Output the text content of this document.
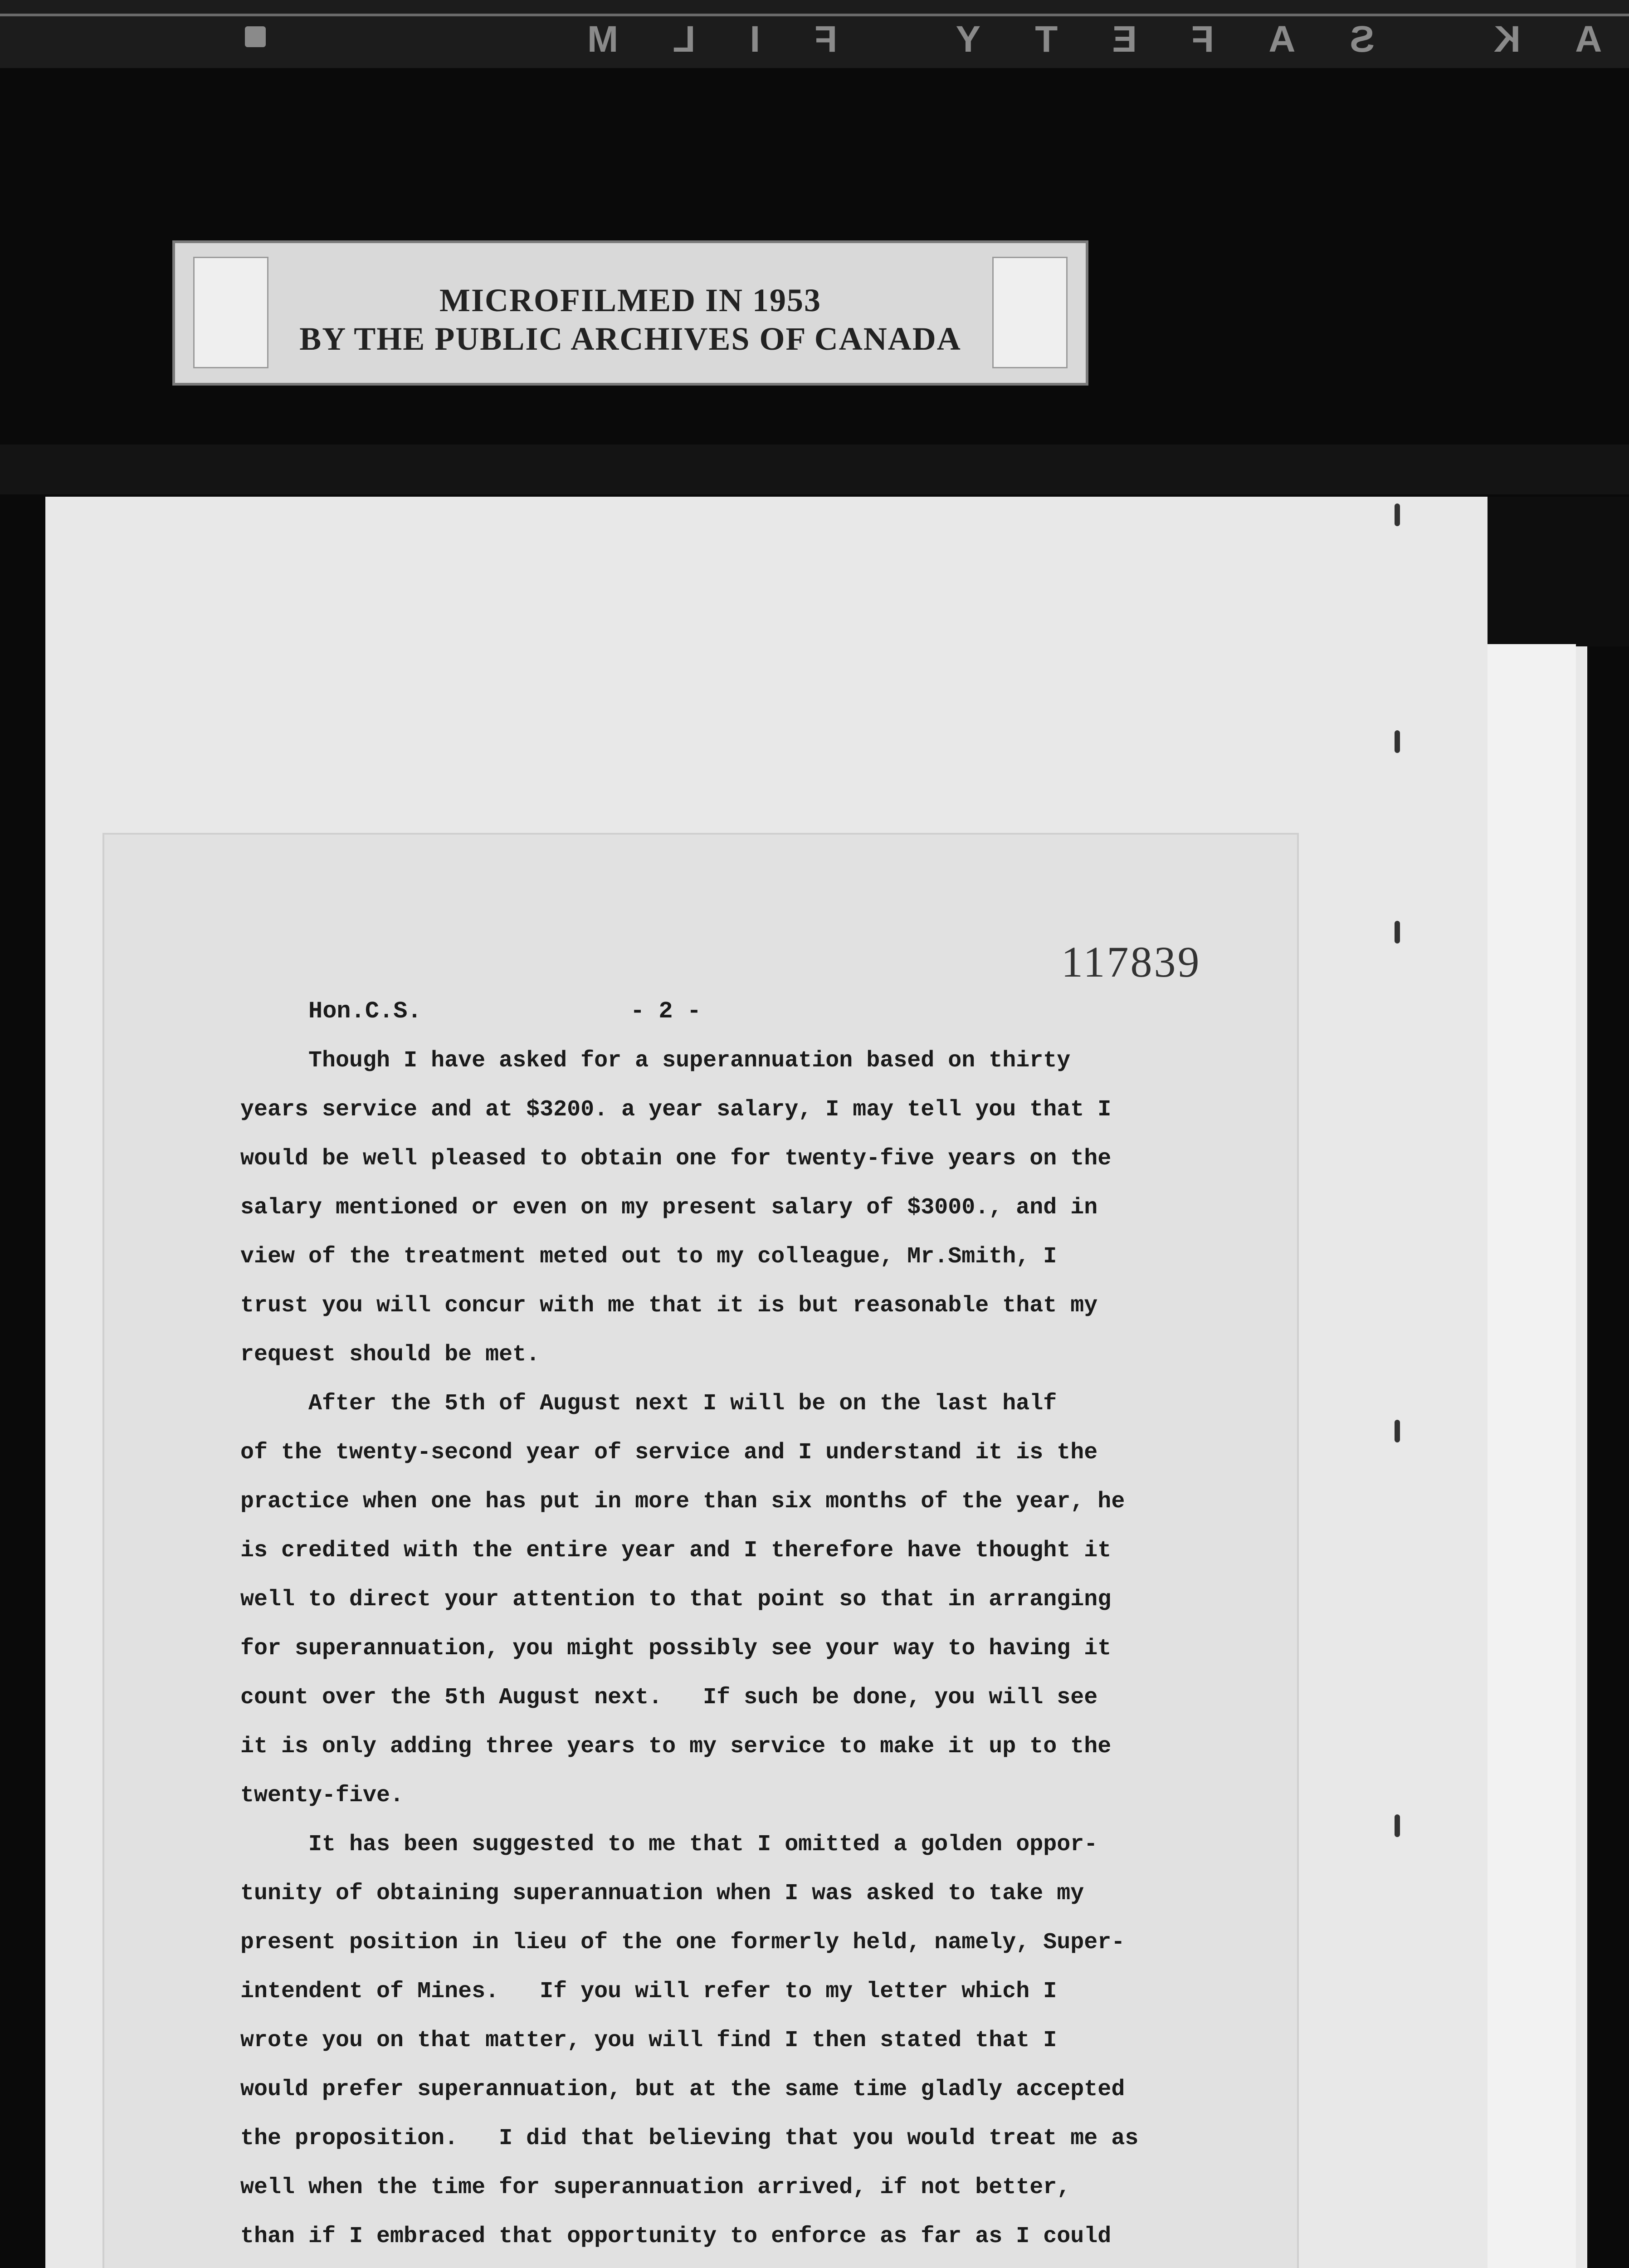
AK SAFETY FILM
MICROFILMED IN 1953
BY THE PUBLIC ARCHIVES OF CANADA
117839
Hon.C.S.	- 2 -
Though I have asked for a superannuation based on thirty
years service and at $3200. a year salary, I may tell you that I
would be well pleased to obtain one for twenty-five years on the
salary mentioned or even on my present salary of $3000., and in
view of the treatment meted out to my colleague, Mr.Smith, I
trust you will concur with me that it is but reasonable that my
request should be met.
After the 5th of August next I will be on the last half
of the twenty-second year of service and I understand it is the
practice when one has put in more than six months of the year, he
is credited with the entire year and I therefore have thought it
well to direct your attention to that point so that in arranging
for superannuation, you might possibly see your way to having it
count over the 5th August next.   If such be done, you will see
it is only adding three years to my service to make it up to the
twenty-five.
It has been suggested to me that I omitted a golden oppor-
tunity of obtaining superannuation when I was asked to take my
present position in lieu of the one formerly held, namely, Super-
intendent of Mines.   If you will refer to my letter which I
wrote you on that matter, you will find I then stated that I
would prefer superannuation, but at the same time gladly accepted
the proposition.   I did that believing that you would treat me as
well when the time for superannuation arrived, if not better,
than if I embraced that opportunity to enforce as far as I could
